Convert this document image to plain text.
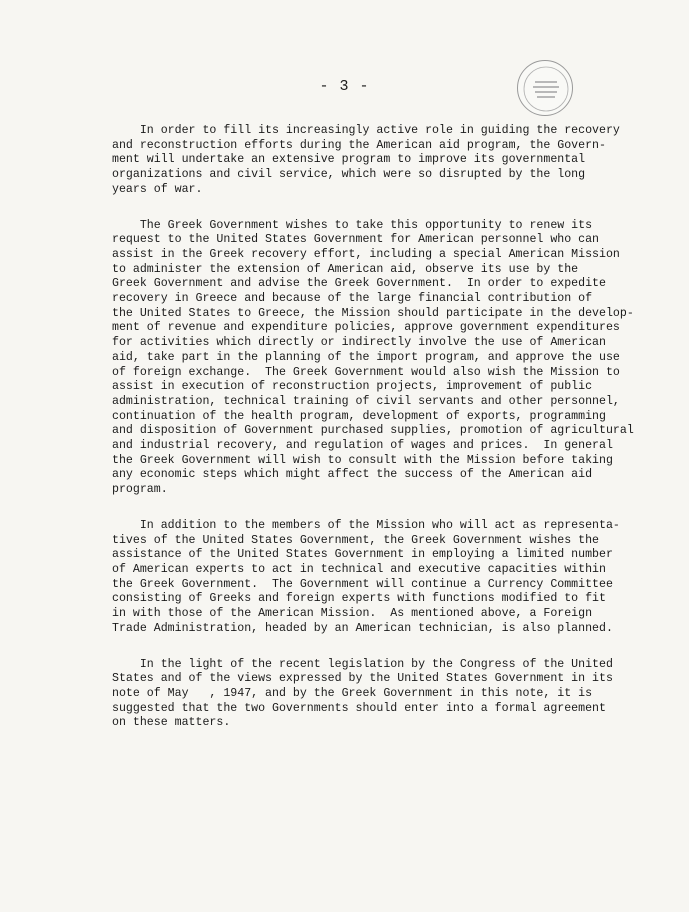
- 3 -

In order to fill its increasingly active role in guiding the recovery
and reconstruction efforts during the American aid program, the Govern-
ment will undertake an extensive program to improve its governmental
organizations and civil service, which were so disrupted by the long
years of war.

The Greek Government wishes to take this opportunity to renew its
request to the United States Government for American personnel who can
assist in the Greek recovery effort, including a special American Mission
to administer the extension of American aid, observe its use by the
Greek Government and advise the Greek Government.  In order to expedite
recovery in Greece and because of the large financial contribution of
the United States to Greece, the Mission should participate in the develop-
ment of revenue and expenditure policies, approve government expenditures
for activities which directly or indirectly involve the use of American
aid, take part in the planning of the import program, and approve the use
of foreign exchange.  The Greek Government would also wish the Mission to
assist in execution of reconstruction projects, improvement of public
administration, technical training of civil servants and other personnel,
continuation of the health program, development of exports, programming
and disposition of Government purchased supplies, promotion of agricultural
and industrial recovery, and regulation of wages and prices.  In general
the Greek Government will wish to consult with the Mission before taking
any economic steps which might affect the success of the American aid
program.

In addition to the members of the Mission who will act as representa-
tives of the United States Government, the Greek Government wishes the
assistance of the United States Government in employing a limited number
of American experts to act in technical and executive capacities within
the Greek Government.  The Government will continue a Currency Committee
consisting of Greeks and foreign experts with functions modified to fit
in with those of the American Mission.  As mentioned above, a Foreign
Trade Administration, headed by an American technician, is also planned.

In the light of the recent legislation by the Congress of the United
States and of the views expressed by the United States Government in its
note of May   , 1947, and by the Greek Government in this note, it is
suggested that the two Governments should enter into a formal agreement
on these matters.
